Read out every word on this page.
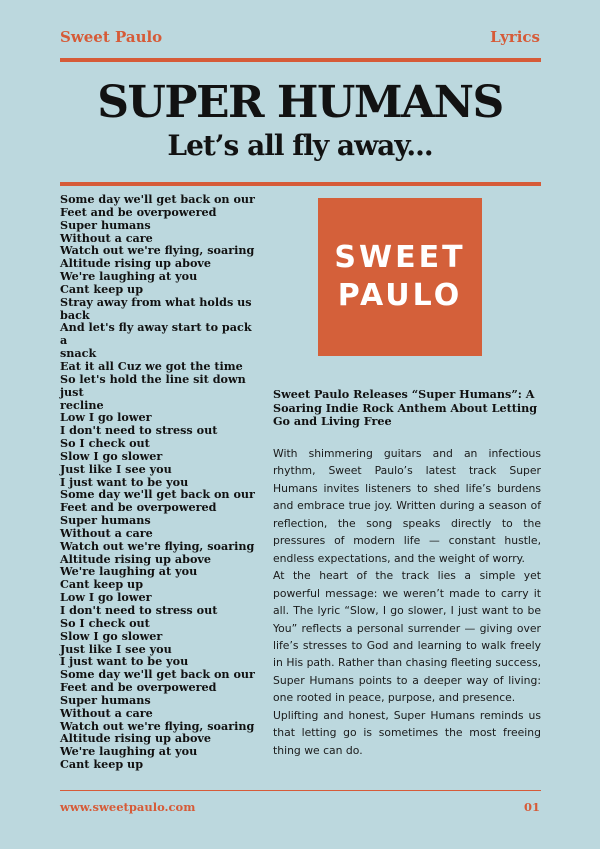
Sweet Paulo	Lyrics
SUPER HUMANS
Let’s all fly away...
Some day we'll get back on our
Feet and be overpowered
Super humans
Without a care
Watch out we're flying, soaring
Altitude rising up above
We're laughing at you
Cant keep up
Stray away from what holds us
back
And let's fly away start to pack a
snack
Eat it all Cuz we got the time
So let's hold the line sit down just
recline
Low I go lower
I don't need to stress out
So I check out
Slow I go slower
Just like I see you
I just want to be you
Some day we'll get back on our
Feet and be overpowered
Super humans
Without a care
Watch out we're flying, soaring
Altitude rising up above
We're laughing at you
Cant keep up
Low I go lower
I don't need to stress out
So I check out
Slow I go slower
Just like I see you
I just want to be you
Some day we'll get back on our
Feet and be overpowered
Super humans
Without a care
Watch out we're flying, soaring
Altitude rising up above
We're laughing at you
Cant keep up
SWEET
PAULO
Sweet Paulo Releases “Super Humans”: A Soaring Indie Rock Anthem About Letting Go and Living Free

With shimmering guitars and an infectious rhythm, Sweet Paulo’s latest track Super Humans invites listeners to shed life’s burdens and embrace true joy. Written during a season of reflection, the song speaks directly to the pressures of modern life — constant hustle, endless expectations, and the weight of worry.

At the heart of the track lies a simple yet powerful message: we weren’t made to carry it all. The lyric “Slow, I go slower, I just want to be You” reflects a personal surrender — giving over life’s stresses to God and learning to walk freely in His path. Rather than chasing fleeting success, Super Humans points to a deeper way of living: one rooted in peace, purpose, and presence.

Uplifting and honest, Super Humans reminds us that letting go is sometimes the most freeing thing we can do.

www.sweetpaulo.com	01
